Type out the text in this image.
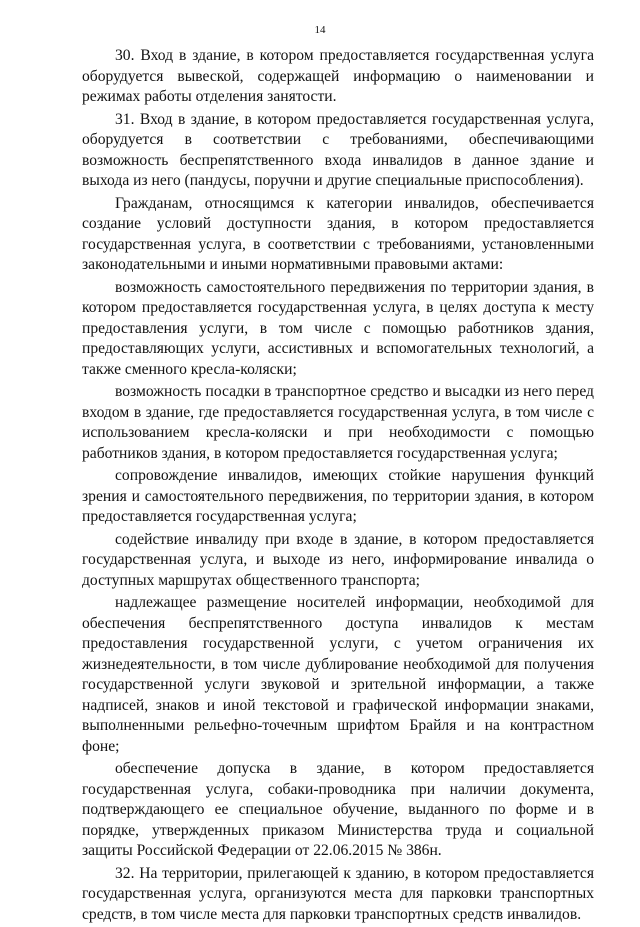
14

30. Вход в здание, в котором предоставляется государственная услуга оборудуется вывеской, содержащей информацию о наименовании и режимах работы отделения занятости.

31. Вход в здание, в котором предоставляется государственная услуга, оборудуется в соответствии с требованиями, обеспечивающими возможность беспрепятственного входа инвалидов в данное здание и выхода из него (пандусы, поручни и другие специальные приспособления).

Гражданам, относящимся к категории инвалидов, обеспечивается создание условий доступности здания, в котором предоставляется государственная услуга, в соответствии с требованиями, установленными законодательными и иными нормативными правовыми актами:

возможность самостоятельного передвижения по территории здания, в котором предоставляется государственная услуга, в целях доступа к месту предоставления услуги, в том числе с помощью работников здания, предоставляющих услуги, ассистивных и вспомогательных технологий, а также сменного кресла-коляски;

возможность посадки в транспортное средство и высадки из него перед входом в здание, где предоставляется государственная услуга, в том числе с использованием кресла-коляски и при необходимости с помощью работников здания, в котором предоставляется государственная услуга;

сопровождение инвалидов, имеющих стойкие нарушения функций зрения и самостоятельного передвижения, по территории здания, в котором предоставляется государственная услуга;

содействие инвалиду при входе в здание, в котором предоставляется государственная услуга, и выходе из него, информирование инвалида о доступных маршрутах общественного транспорта;

надлежащее размещение носителей информации, необходимой для обеспечения беспрепятственного доступа инвалидов к местам предоставления государственной услуги, с учетом ограничения их жизнедеятельности, в том числе дублирование необходимой для получения государственной услуги звуковой и зрительной информации, а также надписей, знаков и иной текстовой и графической информации знаками, выполненными рельефно-точечным шрифтом Брайля и на контрастном фоне;

обеспечение допуска в здание, в котором предоставляется государственная услуга, собаки-проводника при наличии документа, подтверждающего ее специальное обучение, выданного по форме и в порядке, утвержденных приказом Министерства труда и социальной защиты Российской Федерации от 22.06.2015 № 386н.

32. На территории, прилегающей к зданию, в котором предоставляется государственная услуга, организуются места для парковки транспортных средств, в том числе места для парковки транспортных средств инвалидов.
